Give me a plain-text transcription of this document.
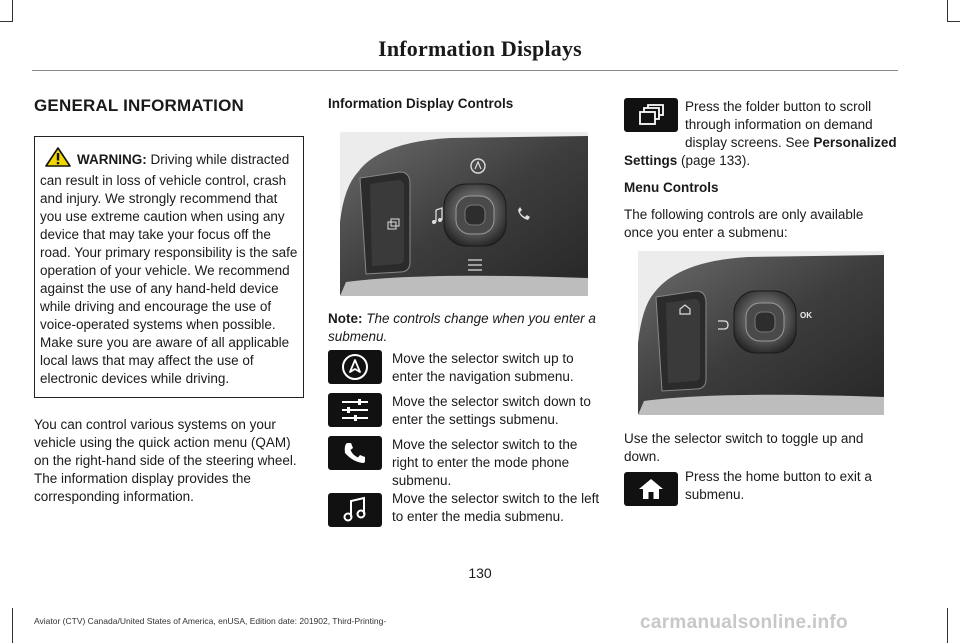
Information Displays
GENERAL INFORMATION
WARNING: Driving while distracted can result in loss of vehicle control, crash and injury. We strongly recommend that you use extreme caution when using any device that may take your focus off the road. Your primary responsibility is the safe operation of your vehicle. We recommend against the use of any hand-held device while driving and encourage the use of voice-operated systems when possible. Make sure you are aware of all applicable local laws that may affect the use of electronic devices while driving.

You can control various systems on your vehicle using the quick action menu (QAM) on the right-hand side of the steering wheel. The information display provides the corresponding information.

Information Display Controls
Note: The controls change when you enter a submenu.
Move the selector switch up to enter the navigation submenu.
Move the selector switch down to enter the settings submenu.
Move the selector switch to the right to enter the mode phone submenu.
Move the selector switch to the left to enter the media submenu.
Press the folder button to scroll through information on demand display screens. See Personalized Settings (page 133).
Menu Controls

The following controls are only available once you enter a submenu:

OK

Use the selector switch to toggle up and down.

Press the home button to exit a submenu.
130
Aviator (CTV) Canada/United States of America, enUSA, Edition date: 201902, Third-Printing-	carmanualsonline.info
